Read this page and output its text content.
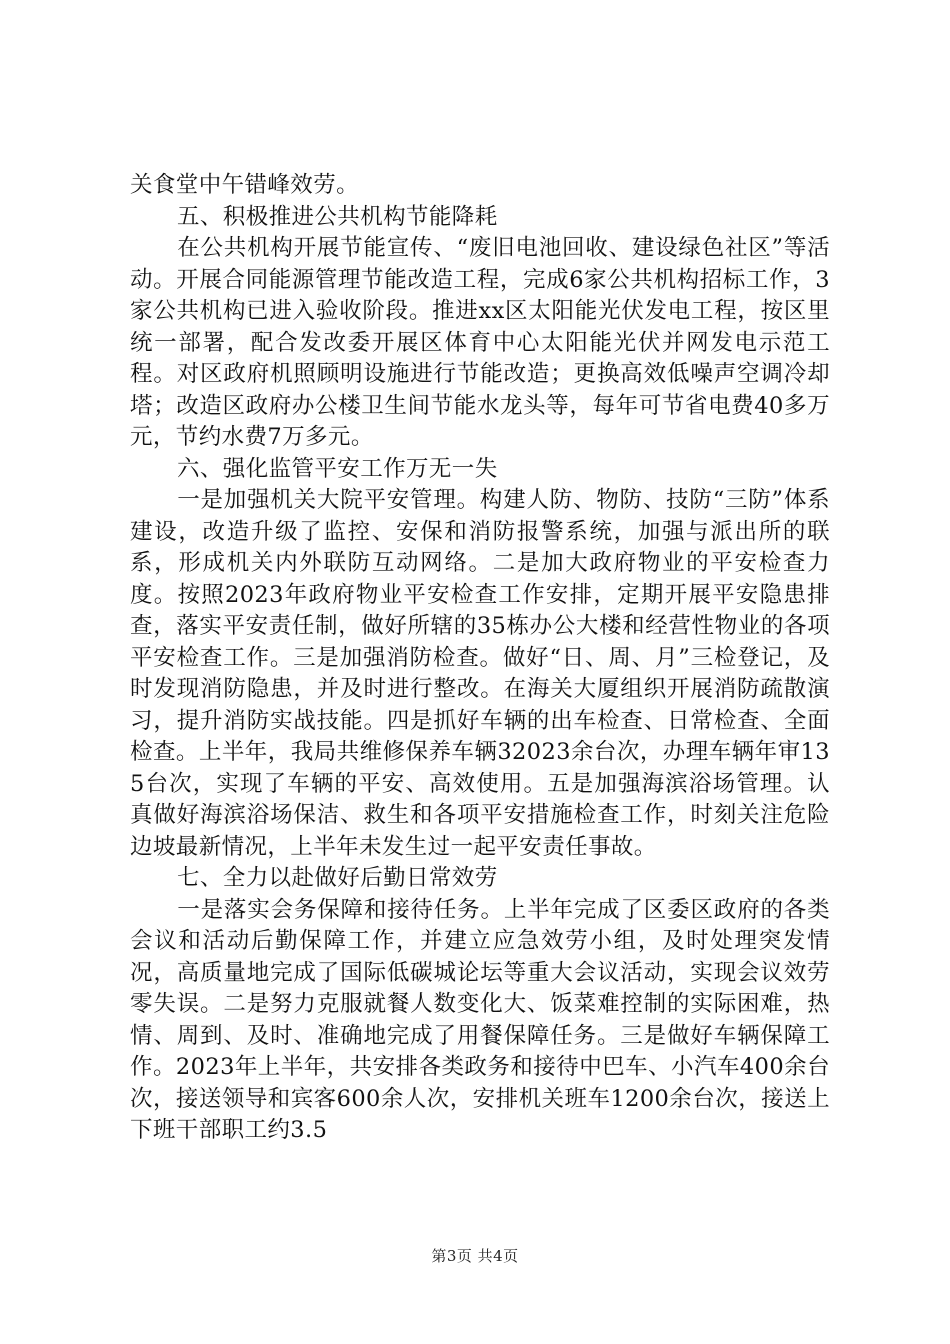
关食堂中午错峰效劳。

五、积极推进公共机构节能降耗

在公共机构开展节能宣传、“废旧电池回收、建设绿色社区”等活动。开展合同能源管理节能改造工程，完成6家公共机构招标工作，3家公共机构已进入验收阶段。推进xx区太阳能光伏发电工程，按区里统一部署，配合发改委开展区体育中心太阳能光伏并网发电示范工程。对区政府机照顾明设施进行节能改造；更换高效低噪声空调冷却塔；改造区政府办公楼卫生间节能水龙头等，每年可节省电费40多万元，节约水费7万多元。

六、强化监管平安工作万无一失

一是加强机关大院平安管理。构建人防、物防、技防“三防”体系建设，改造升级了监控、安保和消防报警系统，加强与派出所的联系，形成机关内外联防互动网络。二是加大政府物业的平安检查力度。按照2023年政府物业平安检查工作安排，定期开展平安隐患排查，落实平安责任制，做好所辖的35栋办公大楼和经营性物业的各项平安检查工作。三是加强消防检查。做好“日、周、月”三检登记，及时发现消防隐患，并及时进行整改。在海关大厦组织开展消防疏散演习，提升消防实战技能。四是抓好车辆的出车检查、日常检查、全面检查。上半年，我局共维修保养车辆32023余台次，办理车辆年审135台次，实现了车辆的平安、高效使用。五是加强海滨浴场管理。认真做好海滨浴场保洁、救生和各项平安措施检查工作，时刻关注危险边坡最新情况，上半年未发生过一起平安责任事故。

七、全力以赴做好后勤日常效劳

一是落实会务保障和接待任务。上半年完成了区委区政府的各类会议和活动后勤保障工作，并建立应急效劳小组，及时处理突发情况，高质量地完成了国际低碳城论坛等重大会议活动，实现会议效劳零失误。二是努力克服就餐人数变化大、饭菜难控制的实际困难，热情、周到、及时、准确地完成了用餐保障任务。三是做好车辆保障工作。2023年上半年，共安排各类政务和接待中巴车、小汽车400余台次，接送领导和宾客600余人次，安排机关班车1200余台次，接送上下班干部职工约3.5

第3页 共4页
